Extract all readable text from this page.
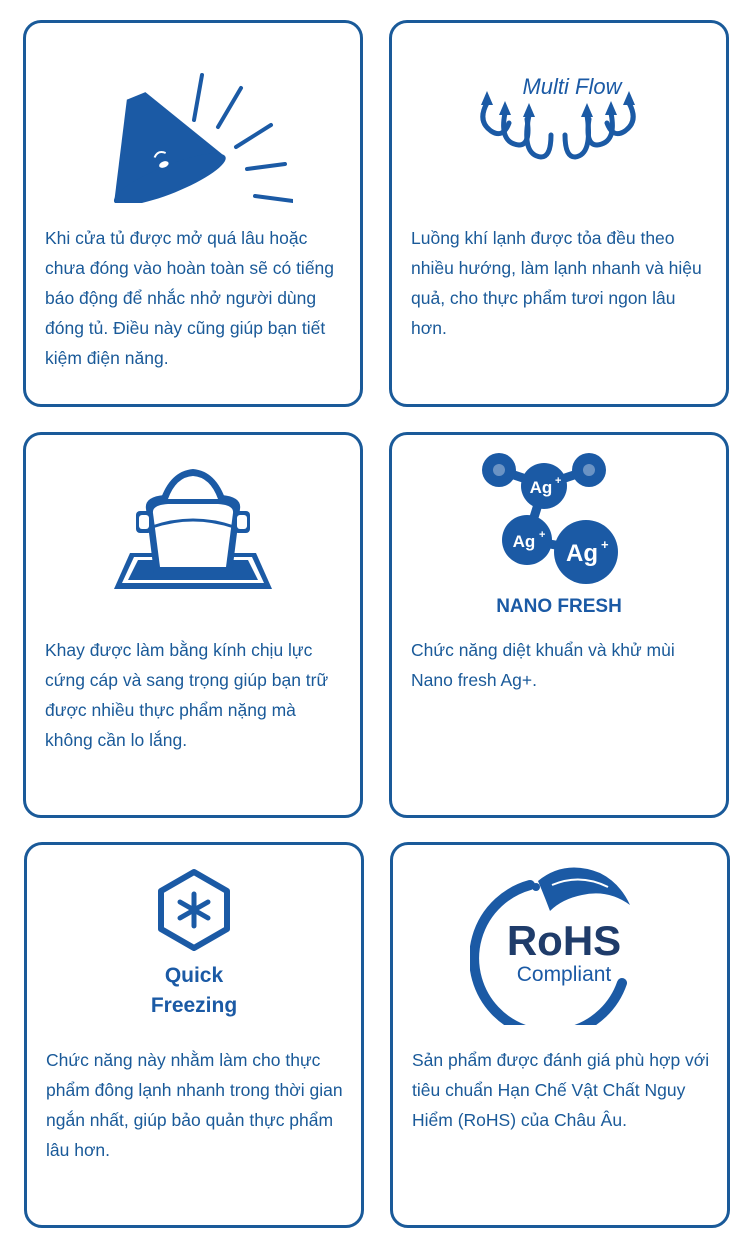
Khi cửa tủ được mở quá lâu hoặc chưa đóng vào hoàn toàn sẽ có tiếng báo động để nhắc nhở người dùng đóng tủ. Điều này cũng giúp bạn tiết kiệm điện năng.

Multi Flow

Luồng khí lạnh được tỏa đều theo nhiều hướng, làm lạnh nhanh và hiệu quả, cho thực phẩm tươi ngon lâu hơn.

Khay được làm bằng kính chịu lực cứng cáp và sang trọng giúp bạn trữ được nhiều thực phẩm nặng mà không cần lo lắng.

Ag +
Ag +
Ag +
NANO FRESH

Chức năng diệt khuẩn và khử mùi Nano fresh Ag+.

Quick
Freezing

Chức năng này nhằm làm cho thực phẩm đông lạnh nhanh trong thời gian ngắn nhất, giúp bảo quản thực phẩm lâu hơn.

RoHS
Compliant

Sản phẩm được đánh giá phù hợp với tiêu chuẩn Hạn Chế Vật Chất Nguy Hiểm (RoHS) của Châu Âu.
